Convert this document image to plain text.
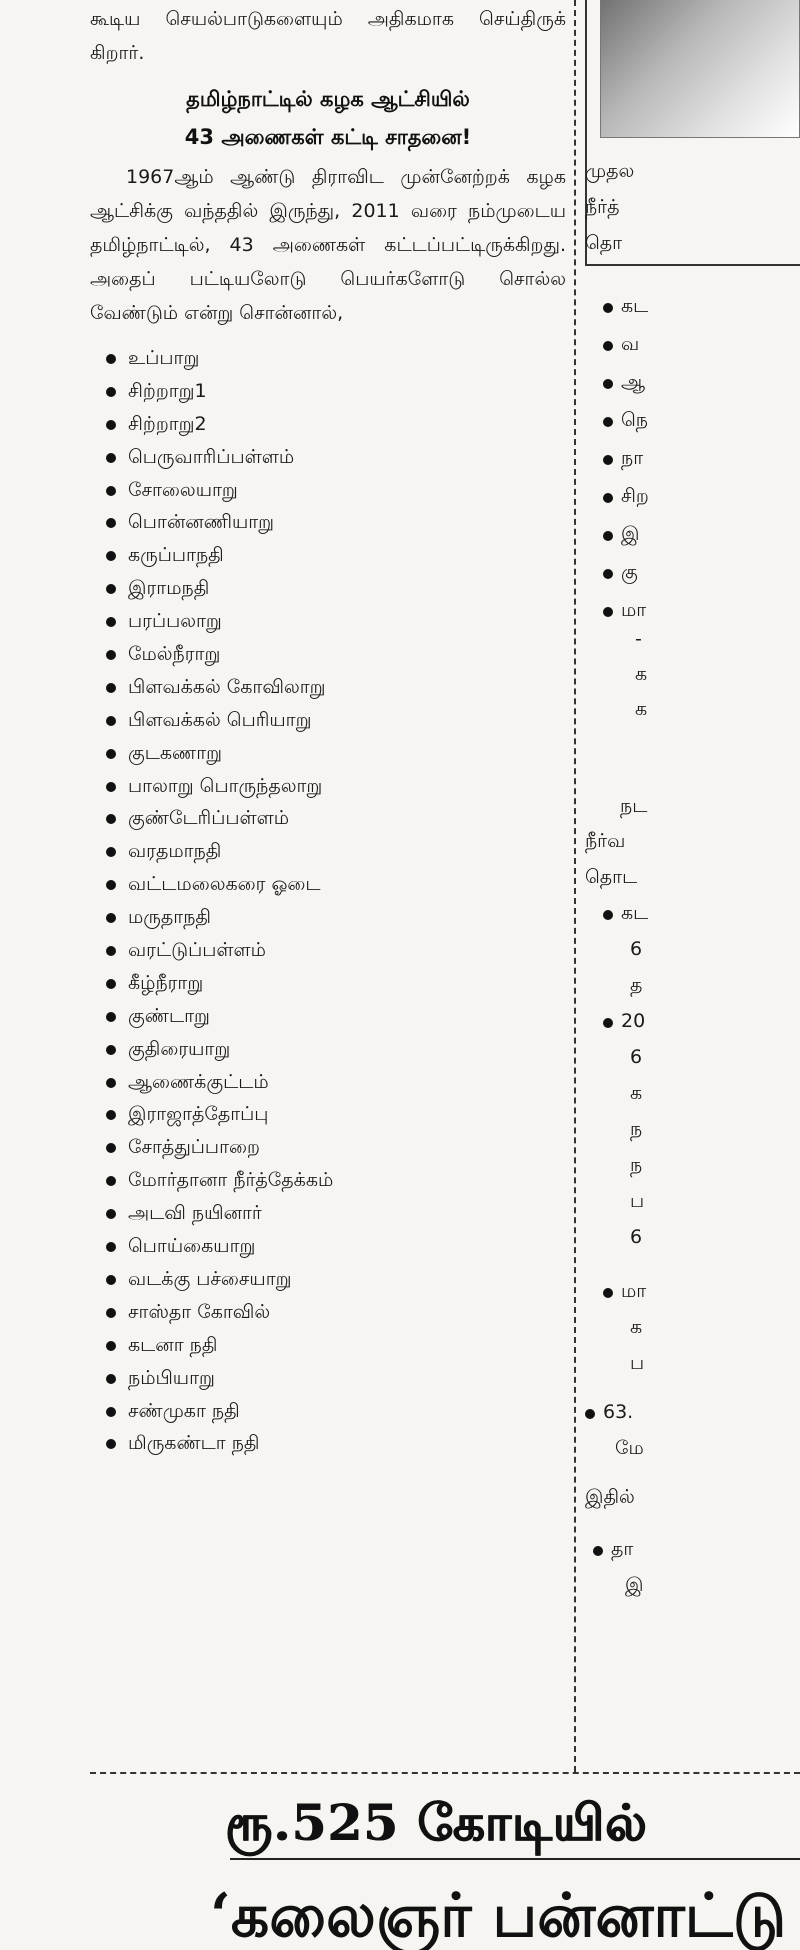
கூடிய செயல்பாடுகளையும் அதிகமாக செய்திருக் கிறார்.

தமிழ்நாட்டில் கழக ஆட்சியில்
43 அணைகள் கட்டி சாதனை!

1967ஆம் ஆண்டு திராவிட முன்னேற்றக் கழக ஆட்சிக்கு வந்ததில் இருந்து, 2011 வரை நம்முடைய தமிழ்நாட்டில், 43 அணைகள் கட்டப்பட்டிருக்கிறது. அதைப் பட்டியலோடு பெயர்களோடு சொல்ல வேண்டும் என்று சொன்னால்,

உப்பாறு
சிற்றாறு1
சிற்றாறு2
பெருவாரிப்பள்ளம்
சோலையாறு
பொன்னணியாறு
கருப்பாநதி
இராமநதி
பரப்பலாறு
மேல்நீராறு
பிளவக்கல் கோவிலாறு
பிளவக்கல் பெரியாறு
குடகணாறு
பாலாறு பொருந்தலாறு
குண்டேரிப்பள்ளம்
வரதமாநதி
வட்டமலைகரை ஓடை
மருதாநதி
வரட்டுப்பள்ளம்
கீழ்நீராறு
குண்டாறு
குதிரையாறு
ஆணைக்குட்டம்
இராஜாத்தோப்பு
சோத்துப்பாறை
மோர்தானா நீர்த்தேக்கம்
அடவி நயினார்
பொய்கையாறு
வடக்கு பச்சையாறு
சாஸ்தா கோவில்
கடனா நதி
நம்பியாறு
சண்முகா நதி
மிருகண்டா நதி
முதல
நீர்த்
தொ
கட
வ
ஆ
நெ
நா
சிற
இ
கு
மா
-
க
க
நட
நீர்வ
தொட
கட
6
த
20
6
க
ந
ந
ப
6
மா
க
ப
63.
மே
இதில்
தா
இ
ரூ.525 கோடியில்
‘கலைஞர் பன்னாட்டு
